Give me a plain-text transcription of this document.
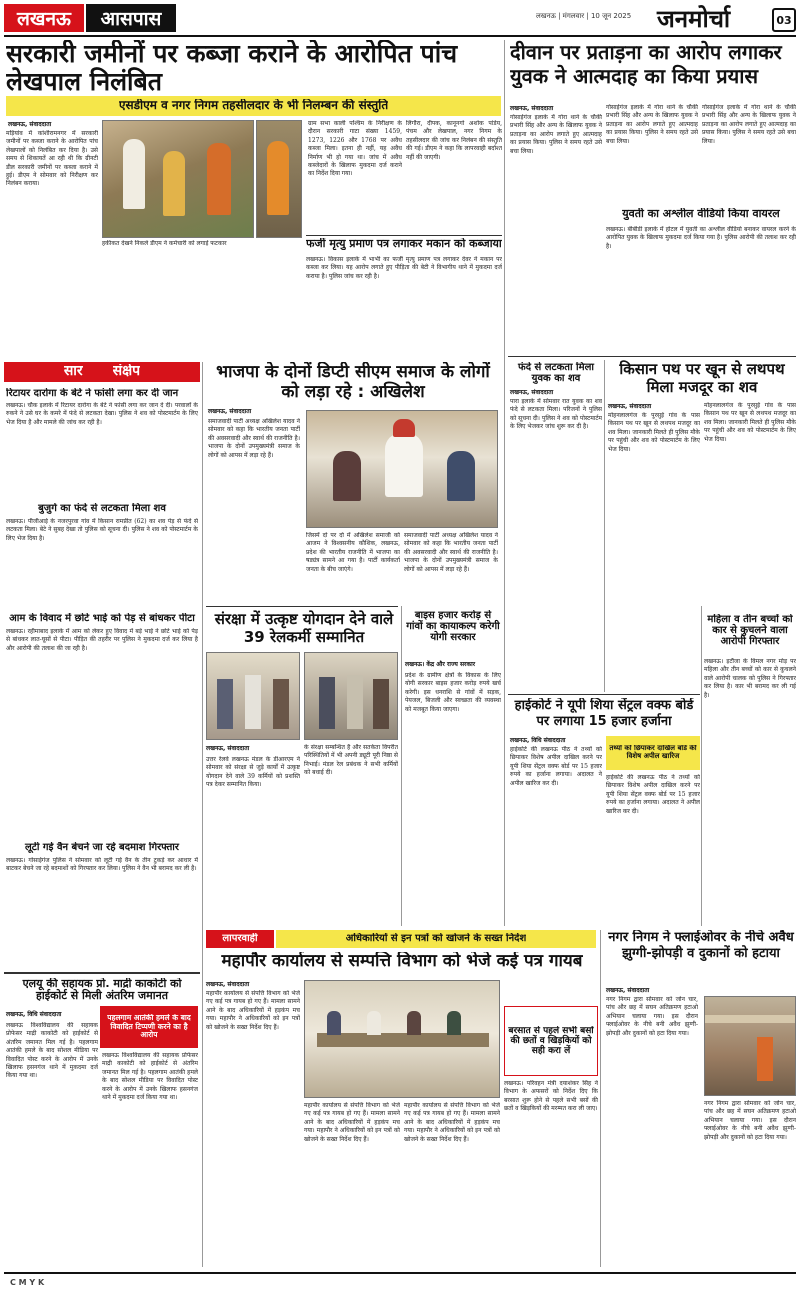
लखनऊ आसपास	लखनऊ | मंगलवार | 10 जून 2025 जनमोर्चा	03
सरकारी जमीनों पर कब्जा कराने के आरोपित पांच लेखपाल निलंबित
एसडीएम व नगर निगम तहसीलदार के भी निलम्बन की संस्तुति
लखनऊ, संवाददाता
मड़ियांव में कांशीरामनगर में सरकारी जमीनों पर कब्जा कराने के आरोपित पांच लेखपालों को निलंबित कर दिया है। उसे समय से शिकायतें आ रही थी कि ग्रीनटी डील सरकारी जमीनों पर कब्जा कराने में हुई। डीएम ने सोमवार को निरीक्षण कर निलंबन कराया।
हकीकत देखने निकले डीएम ने कर्मचारी को लगाई फटकार
ग्राम सभा काली पश्चिम के निरीक्षण के दौरान सरकारी गाटा संख्या 1459, 1273, 1226 और 1768 पर अवैध कब्जा मिला। इतना ही नहीं, यह अवैध निर्माण भी हो गया था। जांच में अवैध कब्जेदारों के खिलाफ मुकदमा दर्ज कराने का निर्देश दिया गया।
लिंगौरा, दीपक, कानूनगो अशोक पांडेय, पंचम और लेखपाल, नगर निगम के तहसीलदार की जांच कर निलंबन की संस्तुति की गई। डीएम ने कहा कि लापरवाही बर्दाश्त नहीं की जाएगी।
फर्जी मृत्यु प्रमाण पत्र लगाकर मकान को कब्जाया
लखनऊ। विकास इलाके में भाभी का फर्जी मृत्यु प्रमाण पत्र लगाकर देवर ने मकान पर कब्जा कर लिया। यह आरोप लगाते हुए पीड़िता की बेटी ने विभागीय थाने में मुकदमा दर्ज कराया है। पुलिस जांच कर रही है।
सार संक्षेप
रिटायर दारोगा के बेटे ने फांसी लगा कर दी जान
लखनऊ। चौक इलाके में रिटायर दारोगा के बेटे ने फांसी लगा कर जान दे दी। परवालों के रुकने ने उसे घर के कमरे में फंदे से लटकता देखा। पुलिस ने शव को पोस्टमार्टम के लिए भेज दिया है और मामले की जांच कर रही है।
बुजुर्ग का फंदे से लटकता मिला शव
लखनऊ। पीजीआई के नजरपुरवा गांव में किसान रामप्रीत (62) का शव पेड़ से फंदे से लटकता मिला। बेटे ने सुबह देखा तो पुलिस को सूचना दी। पुलिस ने शव को पोस्टमार्टम के लिए भेज दिया है।
आम के विवाद में छोटे भाई को पेड़ से बांधकर पीटा
लखनऊ। रहीमाबाद इलाके में आम को लेकर हुए विवाद में बड़े भाई ने छोटे भाई को पेड़ से बांधकर लात-घूसों से पीटा। पीड़ित की तहरीर पर पुलिस ने मुकदमा दर्ज कर लिया है और आरोपी की तलाश की जा रही है।
लूटी गई वैन बेचने जा रहे बदमाश गिरफ्तार
लखनऊ। गोसाईगंज पुलिस ने सोमवार को लूटी गई वैन के तीन टुकड़े कर आधार में बाटकर बेचने जा रहे बदमाशों को गिरफ्तार कर लिया। पुलिस ने वैन भी बरामद कर ली है।
एलयू की सहायक प्रो. माद्री काकोटी को हाईकोर्ट से मिली अंतरिम जमानत
लखनऊ, विधि संवाददाता
लखनऊ विश्वविद्यालय की सहायक प्रोफेसर माद्री काकोटी को हाईकोर्ट से अंतरिम जमानत मिल गई है। पहलगाम आतंकी हमले के बाद सोशल मीडिया पर विवादित पोस्ट करने के आरोप में उनके खिलाफ हसनगंज थाने में मुकदमा दर्ज किया गया था।
पहलगाम आतंकी हमले के बाद विवादित टिप्पणी करने का है आरोप
लखनऊ विश्वविद्यालय की सहायक प्रोफेसर माद्री काकोटी को हाईकोर्ट से अंतरिम जमानत मिल गई है। पहलगाम आतंकी हमले के बाद सोशल मीडिया पर विवादित पोस्ट करने के आरोप में उनके खिलाफ हसनगंज थाने में मुकदमा दर्ज किया गया था।
भाजपा के दोनों डिप्टी सीएम समाज के लोगों को लड़ा रहे : अखिलेश
लखनऊ, संवाददाता
समाजवादी पार्टी अध्यक्ष अखिलेश यादव ने सोमवार को कहा कि भारतीय जनता पार्टी की अवसरवादी और स्वार्थ की राजनीति है। भाजपा के दोनों उपमुख्यमंत्री समाज के लोगों को आपस में लड़ा रहे हैं।
जिसमें दो पर दो में अखिलेश समाजी को आजम ने विश्वसनीय कौशिक, लखनऊ, प्रदेश की भारतीय राजनीति में भाजपा का षड्यंत्र सामने आ गया है। पार्टी कार्यकर्ता जनता के बीच जाएंगे।
समाजवादी पार्टी अध्यक्ष अखिलेश यादव ने सोमवार को कहा कि भारतीय जनता पार्टी की अवसरवादी और स्वार्थ की राजनीति है। भाजपा के दोनों उपमुख्यमंत्री समाज के लोगों को आपस में लड़ा रहे हैं।
संरक्षा में उत्कृष्ट योगदान देने वाले 39 रेलकर्मी सम्मानित
लखनऊ, संवाददाता
उत्तर रेलवे लखनऊ मंडल के डीआरएम ने सोमवार को संरक्षा से जुड़े कार्यों में उत्कृष्ट योगदान देने वाले 39 कर्मियों को प्रशस्ति पत्र देकर सम्मानित किया।
के संरक्षा सम्बन्धित है और सतर्कता विपरीत परिस्थितियों में भी अपनी ड्यूटी पूरी निष्ठा से निभाई। मंडल रेल प्रबंधक ने सभी कर्मियों को बधाई दी।
बाइस हजार करोड़ से गांवों का कायाकल्प करेगी योगी सरकार
लखनऊ। केंद्र और राज्य सरकार
प्रदेश के ग्रामीण क्षेत्रों के विकास के लिए योगी सरकार बाइस हजार करोड़ रुपये खर्च करेगी। इस धनराशि से गांवों में सड़क, पेयजल, बिजली और स्वच्छता की व्यवस्था को मजबूत किया जाएगा।
दीवान पर प्रताड़ना का आरोप लगाकर युवक ने आत्मदाह का किया प्रयास
लखनऊ, संवाददाता
गोसाईगंज इलाके में गोरा थाने के चौकी प्रभारी सिंह और अन्य के खिलाफ युवक ने प्रताड़ना का आरोप लगाते हुए आत्मदाह का प्रयास किया। पुलिस ने समय रहते उसे बचा लिया।
गोसाईगंज इलाके में गोरा थाने के चौकी प्रभारी सिंह और अन्य के खिलाफ युवक ने प्रताड़ना का आरोप लगाते हुए आत्मदाह का प्रयास किया। पुलिस ने समय रहते उसे बचा लिया।
गोसाईगंज इलाके में गोरा थाने के चौकी प्रभारी सिंह और अन्य के खिलाफ युवक ने प्रताड़ना का आरोप लगाते हुए आत्मदाह का प्रयास किया। पुलिस ने समय रहते उसे बचा लिया।
युवती का अश्लील वीडियो किया वायरल
लखनऊ। बीबीडी इलाके में होटल में युवती का अश्लील वीडियो बनाकर वायरल करने के आरोपित युवक के खिलाफ मुकदमा दर्ज किया गया है। पुलिस आरोपी की तलाश कर रही है।
फंदे से लटकता मिला युवक का शव
लखनऊ, संवाददाता
पारा इलाके में सोमवार रात युवक का शव फंदे से लटकता मिला। परिजनों ने पुलिस को सूचना दी। पुलिस ने शव को पोस्टमार्टम के लिए भेजकर जांच शुरू कर दी है।
किसान पथ पर खून से लथपथ मिला मजदूर का शव
लखनऊ, संवाददाता
मोहनलालगंज के पुरसुई गांव के पास किसान पथ पर खून से लथपथ मजदूर का शव मिला। जानकारी मिलते ही पुलिस मौके पर पहुंची और शव को पोस्टमार्टम के लिए भेज दिया।
मोहनलालगंज के पुरसुई गांव के पास किसान पथ पर खून से लथपथ मजदूर का शव मिला। जानकारी मिलते ही पुलिस मौके पर पहुंची और शव को पोस्टमार्टम के लिए भेज दिया।
महिला व तीन बच्चों को कार से कुचलने वाला आरोपी गिरफ्तार
लखनऊ। इटौंजा के विमल नगर मोड़ पर महिला और तीन बच्चों को कार से कुचलने वाले आरोपी चालक को पुलिस ने गिरफ्तार कर लिया है। कार भी बरामद कर ली गई है।
हाईकोर्ट ने यूपी शिया सेंट्रल वक्फ बोर्ड पर लगाया 15 हजार हर्जाना
लखनऊ, विधि संवाददाता
हाईकोर्ट की लखनऊ पीठ ने तथ्यों को छिपाकर विशेष अपील दाखिल करने पर यूपी शिया सेंट्रल वक्फ बोर्ड पर 15 हजार रुपये का हर्जाना लगाया। अदालत ने अपील खारिज कर दी।
तथ्यों को छिपाकर दाखिल बोर्ड की विशेष अपील खारिज
हाईकोर्ट की लखनऊ पीठ ने तथ्यों को छिपाकर विशेष अपील दाखिल करने पर यूपी शिया सेंट्रल वक्फ बोर्ड पर 15 हजार रुपये का हर्जाना लगाया। अदालत ने अपील खारिज कर दी।
लापरवाही	अधिकारियों से इन पत्रों को खोजने के सख्त निर्देश
महापौर कार्यालय से सम्पत्ति विभाग को भेजे कई पत्र गायब
लखनऊ, संवाददाता
महापौर कार्यालय से संपत्ति विभाग को भेजे गए कई पत्र गायब हो गए हैं। मामला सामने आने के बाद अधिकारियों में हड़कंप मच गया। महापौर ने अधिकारियों को इन पत्रों को खोजने के सख्त निर्देश दिए हैं।
महापौर कार्यालय से संपत्ति विभाग को भेजे गए कई पत्र गायब हो गए हैं। मामला सामने आने के बाद अधिकारियों में हड़कंप मच गया। महापौर ने अधिकारियों को इन पत्रों को खोजने के सख्त निर्देश दिए हैं।
महापौर कार्यालय से संपत्ति विभाग को भेजे गए कई पत्र गायब हो गए हैं। मामला सामने आने के बाद अधिकारियों में हड़कंप मच गया। महापौर ने अधिकारियों को इन पत्रों को खोजने के सख्त निर्देश दिए हैं।
बरसात से पहले सभी बसों की छतों व खिड़कियों को सही करा लें
लखनऊ। परिवहन मंत्री दयाशंकर सिंह ने विभाग के अफसरों को निर्देश दिए कि बरसात शुरू होने से पहले सभी बसों की छतों व खिड़कियों की मरम्मत करा ली जाए।
नगर निगम ने फ्लाईओवर के नीचे अवैध झुग्गी-झोपड़ी व दुकानों को हटाया
लखनऊ, संवाददाता
नगर निगम द्वारा सोमवार को जोन चार, पांच और छह में सघन अतिक्रमण हटाओ अभियान चलाया गया। इस दौरान फ्लाईओवर के नीचे बनी अवैध झुग्गी-झोपड़ी और दुकानों को हटा दिया गया।
नगर निगम द्वारा सोमवार को जोन चार, पांच और छह में सघन अतिक्रमण हटाओ अभियान चलाया गया। इस दौरान फ्लाईओवर के नीचे बनी अवैध झुग्गी-झोपड़ी और दुकानों को हटा दिया गया।
C M Y K
